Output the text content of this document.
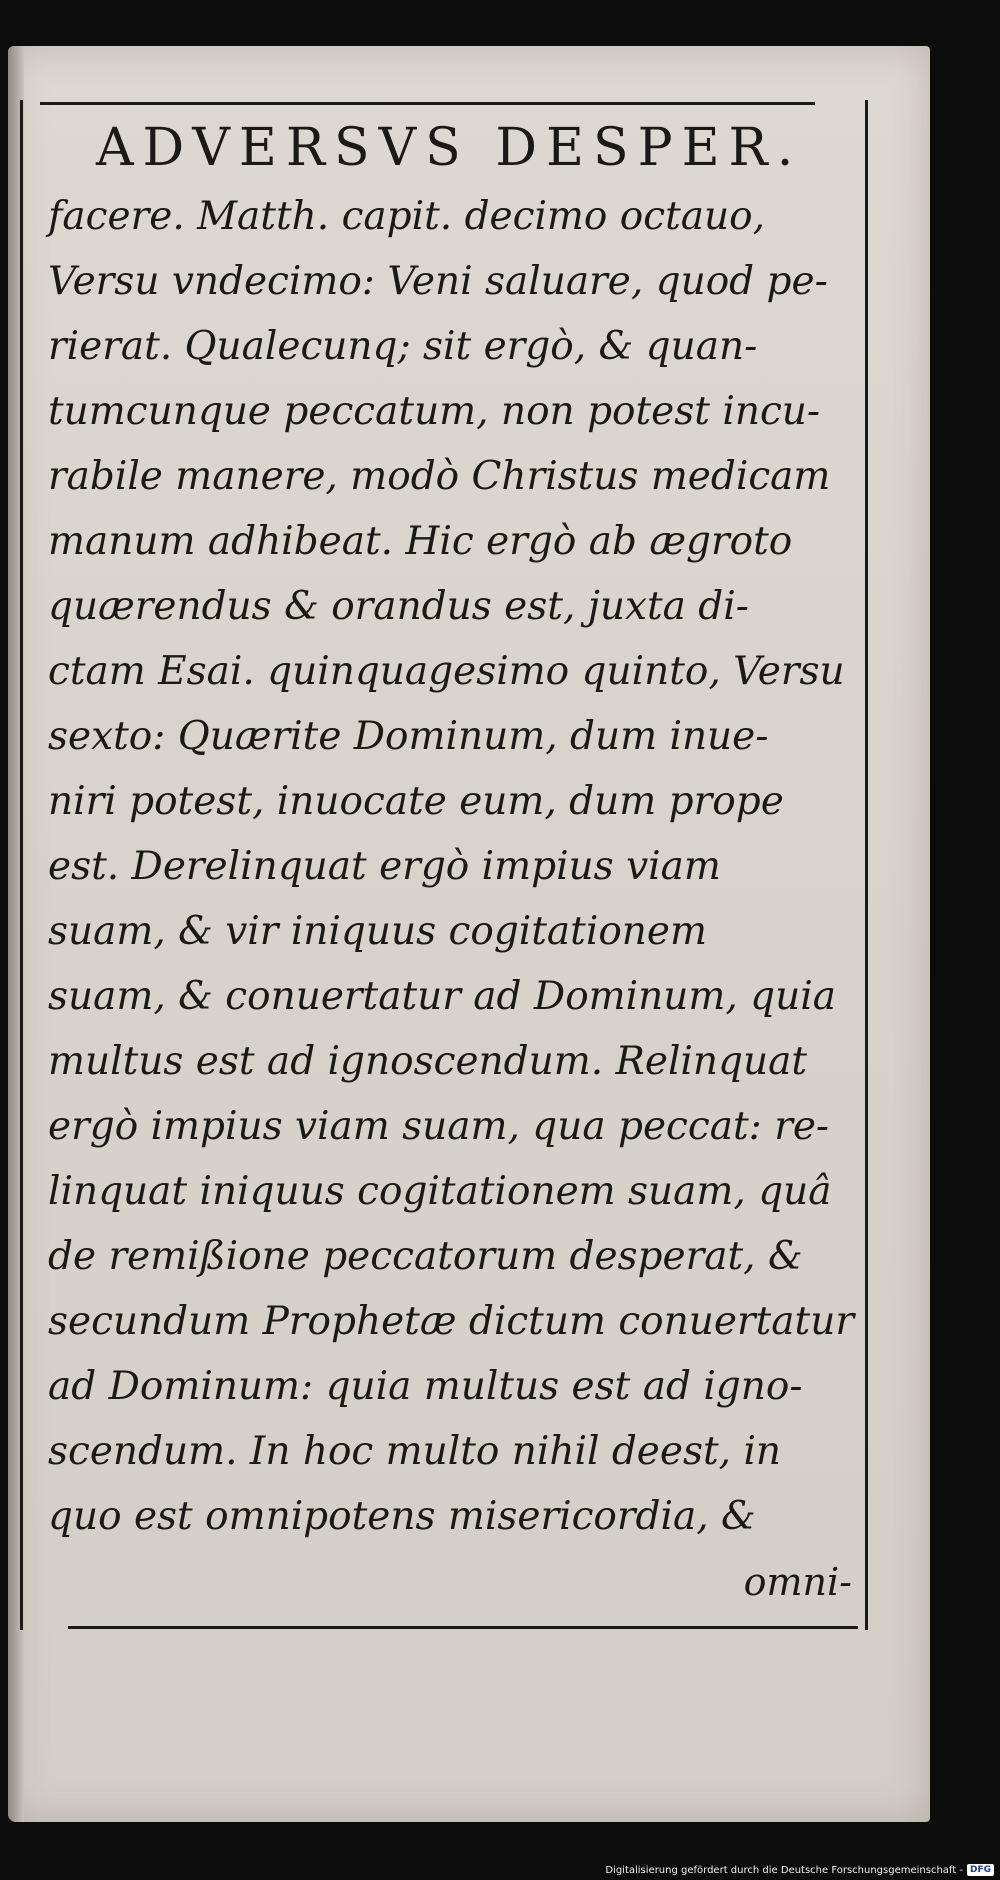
ADVERSVS DESPER.
facere. Matth. capit. decimo octauo,
Versu vndecimo: Veni saluare, quod pe-
rierat. Qualecunq; sit ergò, & quan-
tumcunque peccatum, non potest incu-
rabile manere, modò Christus medicam
manum adhibeat. Hic ergò ab ægroto
quærendus & orandus est, juxta di-
ctam Esai. quinquagesimo quinto, Versu
sexto: Quærite Dominum, dum inue-
niri potest, inuocate eum, dum prope
est. Derelinquat ergò impius viam
suam, & vir iniquus cogitationem
suam, & conuertatur ad Dominum, quia
multus est ad ignoscendum. Relinquat
ergò impius viam suam, qua peccat: re-
linquat iniquus cogitationem suam, quâ
de remißione peccatorum desperat, &
secundum Prophetæ dictum conuertatur
ad Dominum: quia multus est ad igno-
scendum. In hoc multo nihil deest, in
quo est omnipotens misericordia, &
omni-
Digitalisierung gefördert durch die Deutsche Forschungsgemeinschaft - DFG
